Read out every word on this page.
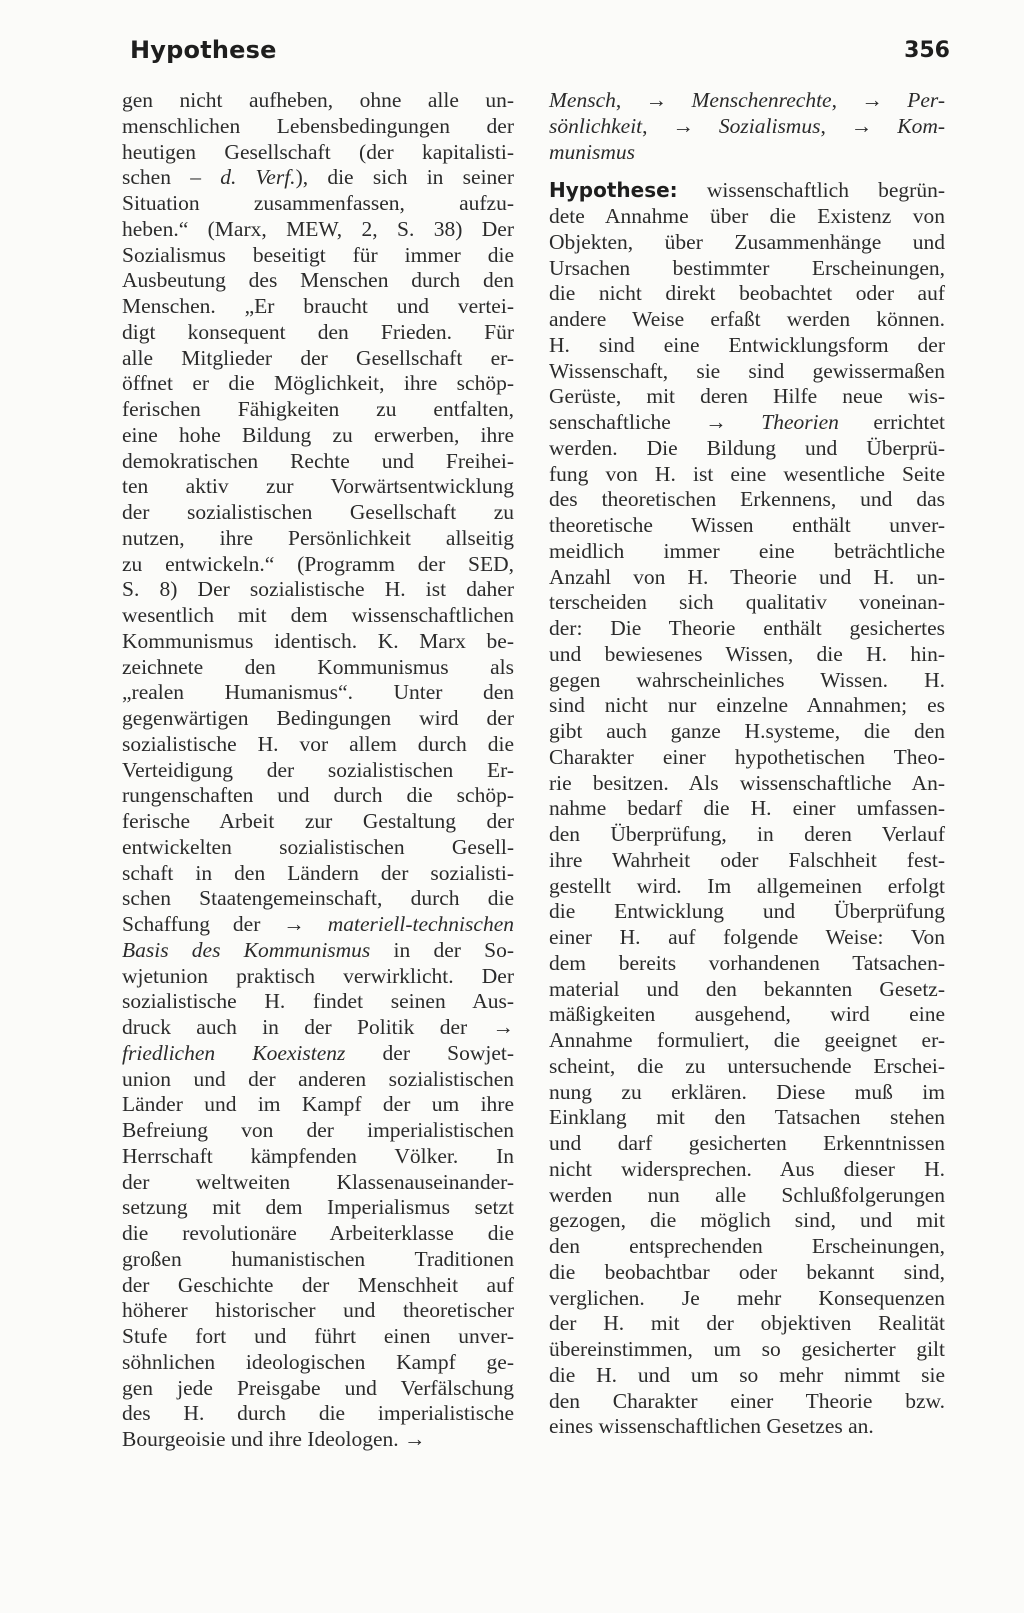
Hypothese	356
gen nicht aufheben, ohne alle un-
menschlichen Lebensbedingungen der
heutigen Gesellschaft (der kapitalisti-
schen – d. Verf.), die sich in seiner
Situation zusammenfassen, aufzu-
heben.“ (Marx, MEW, 2, S. 38) Der
Sozialismus beseitigt für immer die
Ausbeutung des Menschen durch den
Menschen. „Er braucht und vertei-
digt konsequent den Frieden. Für
alle Mitglieder der Gesellschaft er-
öffnet er die Möglichkeit, ihre schöp-
ferischen Fähigkeiten zu entfalten,
eine hohe Bildung zu erwerben, ihre
demokratischen Rechte und Freihei-
ten aktiv zur Vorwärtsentwicklung
der sozialistischen Gesellschaft zu
nutzen, ihre Persönlichkeit allseitig
zu entwickeln.“ (Programm der SED,
S. 8) Der sozialistische H. ist daher
wesentlich mit dem wissenschaftlichen
Kommunismus identisch. K. Marx be-
zeichnete den Kommunismus als
„realen Humanismus“. Unter den
gegenwärtigen Bedingungen wird der
sozialistische H. vor allem durch die
Verteidigung der sozialistischen Er-
rungenschaften und durch die schöp-
ferische Arbeit zur Gestaltung der
entwickelten sozialistischen Gesell-
schaft in den Ländern der sozialisti-
schen Staatengemeinschaft, durch die
Schaffung der → materiell-technischen
Basis des Kommunismus in der So-
wjetunion praktisch verwirklicht. Der
sozialistische H. findet seinen Aus-
druck auch in der Politik der →
friedlichen Koexistenz der Sowjet-
union und der anderen sozialistischen
Länder und im Kampf der um ihre
Befreiung von der imperialistischen
Herrschaft kämpfenden Völker. In
der weltweiten Klassenauseinander-
setzung mit dem Imperialismus setzt
die revolutionäre Arbeiterklasse die
großen humanistischen Traditionen
der Geschichte der Menschheit auf
höherer historischer und theoretischer
Stufe fort und führt einen unver-
söhnlichen ideologischen Kampf ge-
gen jede Preisgabe und Verfälschung
des H. durch die imperialistische
Bourgeoisie und ihre Ideologen. →
Mensch, → Menschenrechte, → Per-
sönlichkeit, → Sozialismus, → Kom-
munismus
Hypothese: wissenschaftlich begrün-
dete Annahme über die Existenz von
Objekten, über Zusammenhänge und
Ursachen bestimmter Erscheinungen,
die nicht direkt beobachtet oder auf
andere Weise erfaßt werden können.
H. sind eine Entwicklungsform der
Wissenschaft, sie sind gewissermaßen
Gerüste, mit deren Hilfe neue wis-
senschaftliche → Theorien errichtet
werden. Die Bildung und Überprü-
fung von H. ist eine wesentliche Seite
des theoretischen Erkennens, und das
theoretische Wissen enthält unver-
meidlich immer eine beträchtliche
Anzahl von H. Theorie und H. un-
terscheiden sich qualitativ voneinan-
der: Die Theorie enthält gesichertes
und bewiesenes Wissen, die H. hin-
gegen wahrscheinliches Wissen. H.
sind nicht nur einzelne Annahmen; es
gibt auch ganze H.systeme, die den
Charakter einer hypothetischen Theo-
rie besitzen. Als wissenschaftliche An-
nahme bedarf die H. einer umfassen-
den Überprüfung, in deren Verlauf
ihre Wahrheit oder Falschheit fest-
gestellt wird. Im allgemeinen erfolgt
die Entwicklung und Überprüfung
einer H. auf folgende Weise: Von
dem bereits vorhandenen Tatsachen-
material und den bekannten Gesetz-
mäßigkeiten ausgehend, wird eine
Annahme formuliert, die geeignet er-
scheint, die zu untersuchende Erschei-
nung zu erklären. Diese muß im
Einklang mit den Tatsachen stehen
und darf gesicherten Erkenntnissen
nicht widersprechen. Aus dieser H.
werden nun alle Schlußfolgerungen
gezogen, die möglich sind, und mit
den entsprechenden Erscheinungen,
die beobachtbar oder bekannt sind,
verglichen. Je mehr Konsequenzen
der H. mit der objektiven Realität
übereinstimmen, um so gesicherter gilt
die H. und um so mehr nimmt sie
den Charakter einer Theorie bzw.
eines wissenschaftlichen Gesetzes an.
